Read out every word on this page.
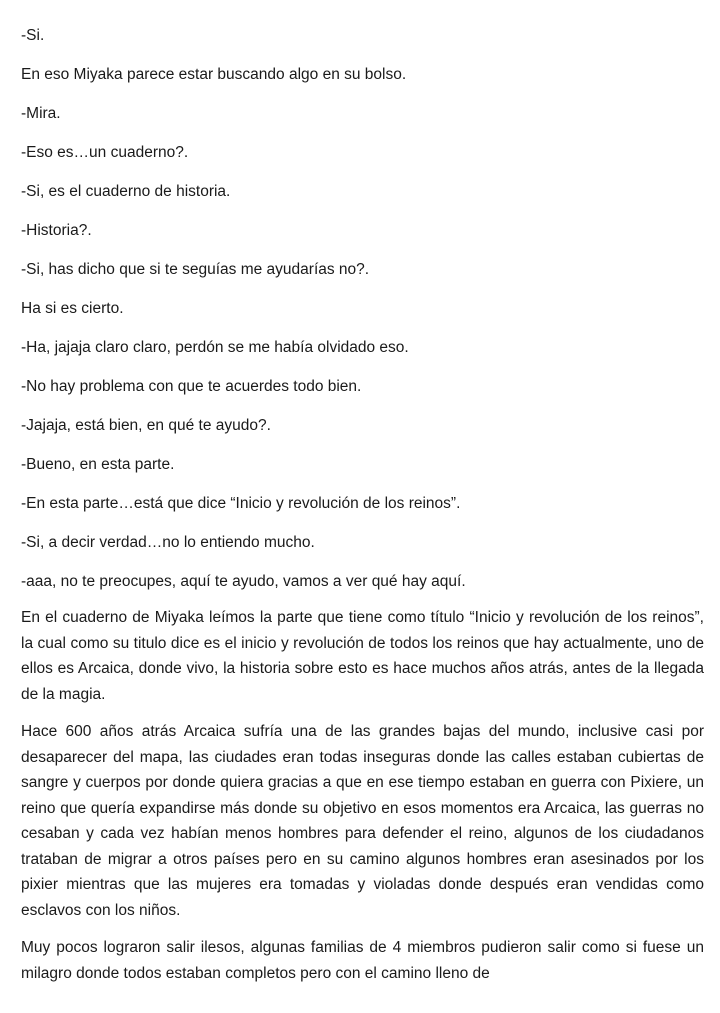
-Si.

En eso Miyaka parece estar buscando algo en su bolso.

-Mira.

-Eso es…un cuaderno?.

-Si, es el cuaderno de historia.

-Historia?.

-Si, has dicho que si te seguías me ayudarías no?.

Ha si es cierto.

-Ha, jajaja claro claro, perdón se me había olvidado eso.

-No hay problema con que te acuerdes todo bien.

-Jajaja, está bien, en qué te ayudo?.

-Bueno, en esta parte.

-En esta parte…está que dice “Inicio y revolución de los reinos”.

-Si, a decir verdad…no lo entiendo mucho.

-aaa, no te preocupes, aquí te ayudo, vamos a ver qué hay aquí.

En el cuaderno de Miyaka leímos la parte que tiene como título “Inicio y revolución de los reinos”, la cual como su titulo dice es el inicio y revolución de todos los reinos que hay actualmente, uno de ellos es Arcaica, donde vivo, la historia sobre esto es hace muchos años atrás, antes de la llegada de la magia.

Hace 600 años atrás Arcaica sufría una de las grandes bajas del mundo, inclusive casi por desaparecer del mapa, las ciudades eran todas inseguras donde las calles estaban cubiertas de sangre y cuerpos por donde quiera gracias a que en ese tiempo estaban en guerra con Pixiere, un reino que quería expandirse más donde su objetivo en esos momentos era Arcaica, las guerras no cesaban y cada vez habían menos hombres para defender el reino, algunos de los ciudadanos trataban de migrar a otros países pero en su camino algunos hombres eran asesinados por los pixier mientras que las mujeres era tomadas y violadas donde después eran vendidas como esclavos con los niños.

Muy pocos lograron salir ilesos, algunas familias de 4 miembros pudieron salir como si fuese un milagro donde todos estaban completos pero con el camino lleno de
